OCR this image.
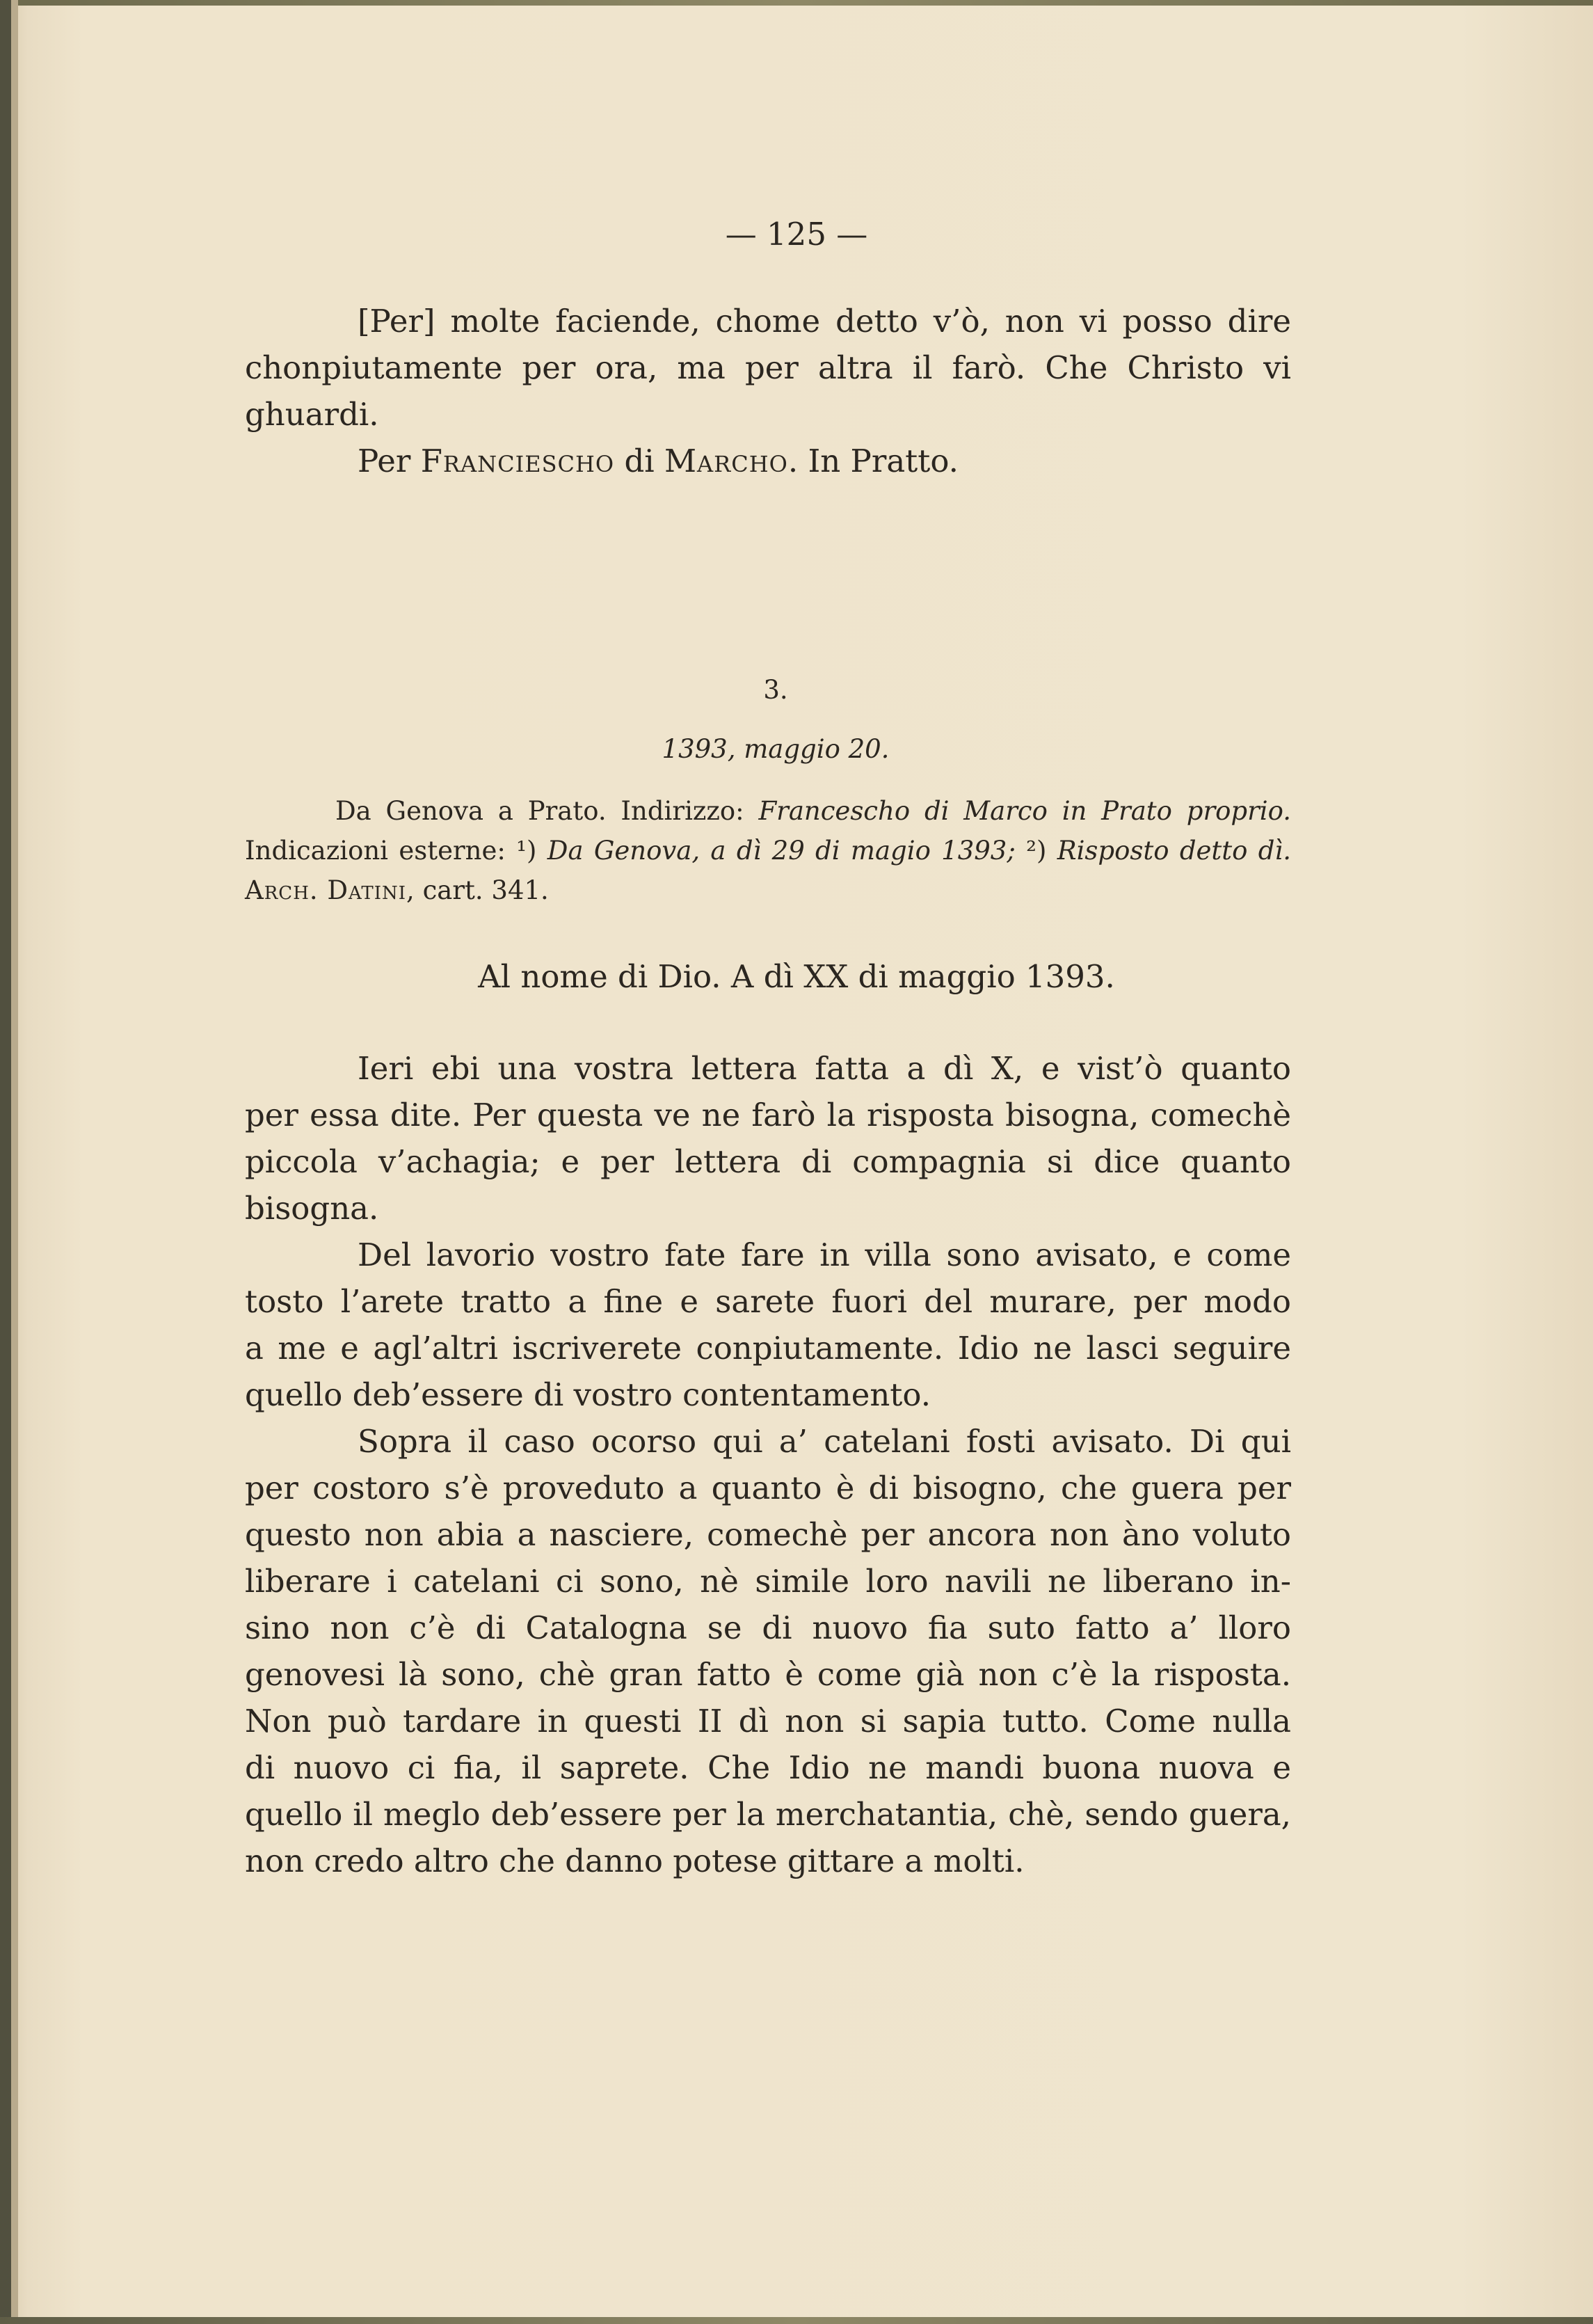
— 125 —
[Per] molte faciende, chome detto v’ò, non vi posso dire
chonpiutamente per ora, ma per altra il farò. Che Christo vi
ghuardi.
Per Franciescho di Marcho. In Pratto.
3.
1393, maggio 20.
Da Genova a Prato. Indirizzo: Francescho di Marco in Prato proprio.
Indicazioni esterne: ¹) Da Genova, a dì 29 di magio 1393; ²) Risposto detto dì.
Arch. Datini, cart. 341.
Al nome di Dio. A dì XX di maggio 1393.
Ieri ebi una vostra lettera fatta a dì X, e vist’ò quanto
per essa dite. Per questa ve ne farò la risposta bisogna, comechè
piccola v’achagia; e per lettera di compagnia si dice quanto
bisogna.
Del lavorio vostro fate fare in villa sono avisato, e come
tosto l’arete tratto a fine e sarete fuori del murare, per modo
a me e agl’altri iscriverete conpiutamente. Idio ne lasci seguire
quello deb’essere di vostro contentamento.
Sopra il caso ocorso qui a’ catelani fosti avisato. Di qui
per costoro s’è proveduto a quanto è di bisogno, che guera per
questo non abia a nasciere, comechè per ancora non àno voluto
liberare i catelani ci sono, nè simile loro navili ne liberano in-
sino non c’è di Catalogna se di nuovo fia suto fatto a’ lloro
genovesi là sono, chè gran fatto è come già non c’è la risposta.
Non può tardare in questi II dì non si sapia tutto. Come nulla
di nuovo ci fia, il saprete. Che Idio ne mandi buona nuova e
quello il meglo deb’essere per la merchatantia, chè, sendo guera,
non credo altro che danno potese gittare a molti.
